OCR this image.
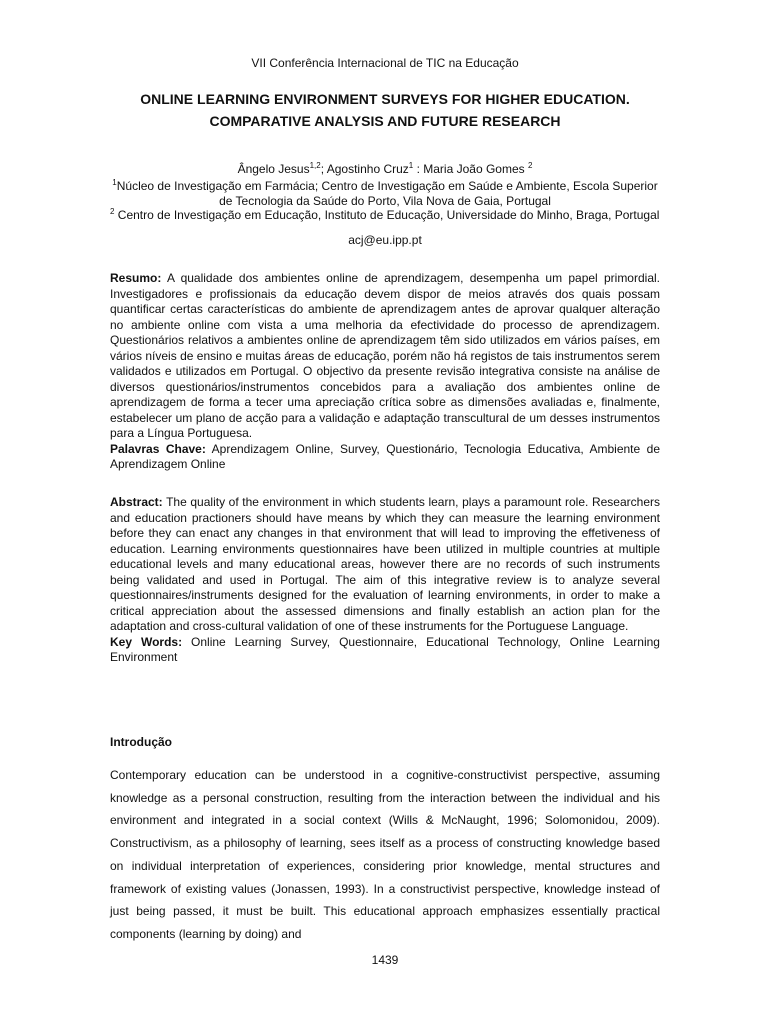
VII Conferência Internacional de TIC na Educação
ONLINE LEARNING ENVIRONMENT SURVEYS FOR HIGHER EDUCATION.
COMPARATIVE ANALYSIS AND FUTURE RESEARCH
Ângelo Jesus$^{1,2}$; Agostinho Cruz$^1$ : Maria João Gomes $^2$
$^1$Núcleo de Investigação em Farmácia; Centro de Investigação em Saúde e Ambiente, Escola Superior de Tecnologia da Saúde do Porto, Vila Nova de Gaia, Portugal
$^2$ Centro de Investigação em Educação, Instituto de Educação, Universidade do Minho, Braga, Portugal
acj@eu.ipp.pt
Resumo: A qualidade dos ambientes online de aprendizagem, desempenha um papel primordial. Investigadores e profissionais da educação devem dispor de meios através dos quais possam quantificar certas características do ambiente de aprendizagem antes de aprovar qualquer alteração no ambiente online com vista a uma melhoria da efectividade do processo de aprendizagem. Questionários relativos a ambientes online de aprendizagem têm sido utilizados em vários países, em vários níveis de ensino e muitas áreas de educação, porém não há registos de tais instrumentos serem validados e utilizados em Portugal. O objectivo da presente revisão integrativa consiste na análise de diversos questionários/instrumentos concebidos para a avaliação dos ambientes online de aprendizagem de forma a tecer uma apreciação crítica sobre as dimensões avaliadas e, finalmente, estabelecer um plano de acção para a validação e adaptação transcultural de um desses instrumentos para a Língua Portuguesa.
Palavras Chave: Aprendizagem Online, Survey, Questionário, Tecnologia Educativa, Ambiente de Aprendizagem Online
Abstract: The quality of the environment in which students learn, plays a paramount role. Researchers and education practioners should have means by which they can measure the learning environment before they can enact any changes in that environment that will lead to improving the effetiveness of education. Learning environments questionnaires have been utilized in multiple countries at multiple educational levels and many educational areas, however there are no records of such instruments being validated and used in Portugal. The aim of this integrative review is to analyze several questionnaires/instruments designed for the evaluation of learning environments, in order to make a critical appreciation about the assessed dimensions and finally establish an action plan for the adaptation and cross-cultural validation of one of these instruments for the Portuguese Language.
Key Words: Online Learning Survey, Questionnaire, Educational Technology, Online Learning Environment
Introdução
Contemporary education can be understood in a cognitive-constructivist perspective, assuming knowledge as a personal construction, resulting from the interaction between the individual and his environment and integrated in a social context (Wills & McNaught, 1996; Solomonidou, 2009). Constructivism, as a philosophy of learning, sees itself as a process of constructing knowledge based on individual interpretation of experiences, considering prior knowledge, mental structures and framework of existing values (Jonassen, 1993). In a constructivist perspective, knowledge instead of just being passed, it must be built. This educational approach emphasizes essentially practical components (learning by doing) and
1439
